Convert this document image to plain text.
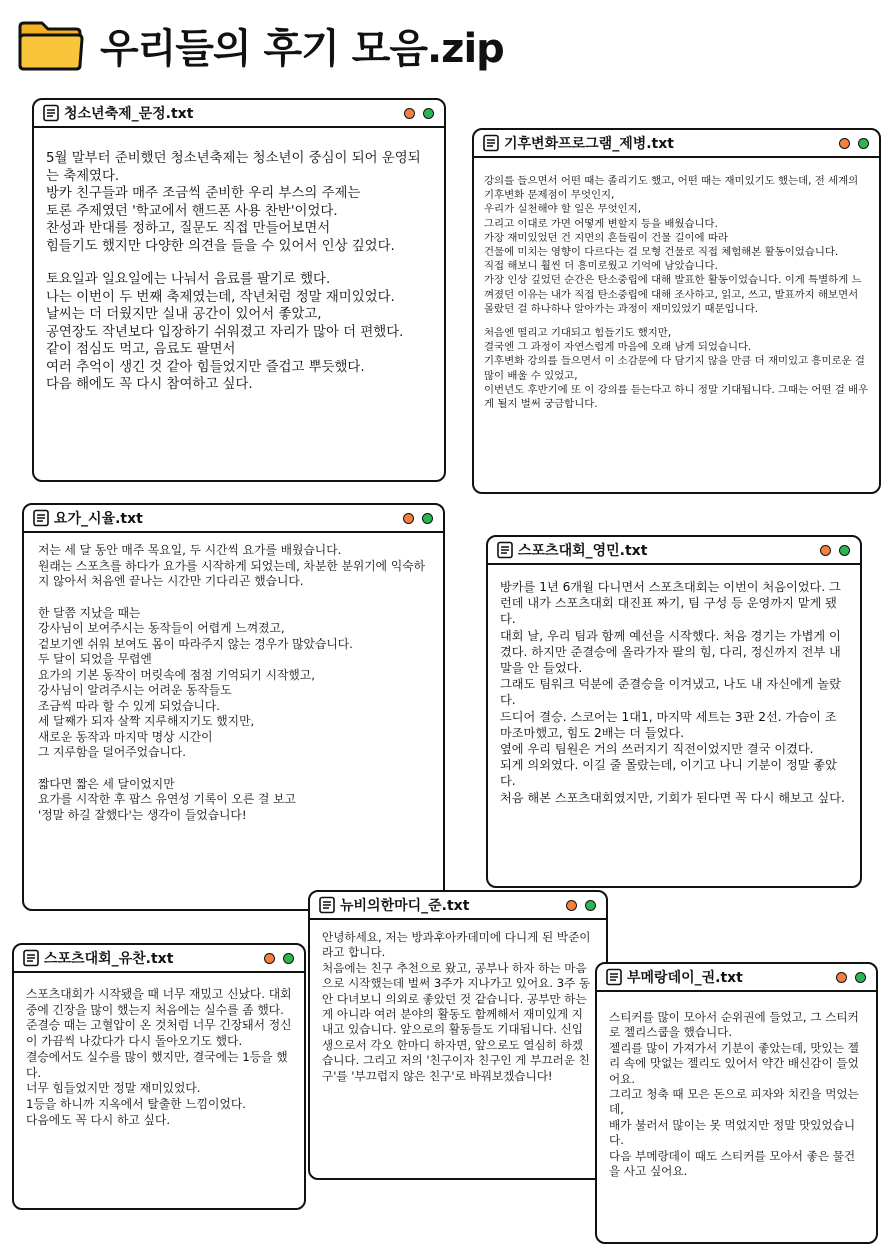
우리들의 후기 모음.zip
청소년축제_문정.txt

5월 말부터 준비했던 청소년축제는 청소년이 중심이 되어 운영되는 축제였다.
방카 친구들과 매주 조금씩 준비한 우리 부스의 주제는
토론 주제였던 '학교에서 핸드폰 사용 찬반'이었다.
찬성과 반대를 정하고, 질문도 직접 만들어보면서
힘들기도 했지만 다양한 의견을 들을 수 있어서 인상 깊었다.

토요일과 일요일에는 나눠서 음료를 팔기로 했다.
나는 이번이 두 번째 축제였는데, 작년처럼 정말 재미있었다.
날씨는 더 더웠지만 실내 공간이 있어서 좋았고,
공연장도 작년보다 입장하기 쉬워졌고 자리가 많아 더 편했다.
같이 점심도 먹고, 음료도 팔면서
여러 추억이 생긴 것 같아 힘들었지만 즐겁고 뿌듯했다.
다음 해에도 꼭 다시 참여하고 싶다.

기후변화프로그램_제병.txt

강의를 들으면서 어떤 때는 졸리기도 했고, 어떤 때는 재미있기도 했는데, 전 세계의 기후변화 문제점이 무엇인지,
우리가 실천해야 할 일은 무엇인지,
그리고 이대로 가면 어떻게 변할지 등을 배웠습니다.
가장 재미있었던 건 지면의 흔들림이 건물 길이에 따라
건물에 미치는 영향이 다르다는 걸 모형 건물로 직접 체험해본 활동이었습니다.
직접 해보니 훨씬 더 흥미로웠고 기억에 남았습니다.
가장 인상 깊었던 순간은 탄소중립에 대해 발표한 활동이었습니다. 이게 특별하게 느껴졌던 이유는 내가 직접 탄소중립에 대해 조사하고, 읽고, 쓰고, 발표까지 해보면서
몰랐던 걸 하나하나 알아가는 과정이 재미있었기 때문입니다.

처음엔 떨리고 기대되고 힘들기도 했지만,
결국엔 그 과정이 자연스럽게 마음에 오래 남게 되었습니다.
기후변화 강의를 들으면서 이 소감문에 다 담기지 않을 만큼 더 재미있고 흥미로운 걸 많이 배울 수 있었고,
이번년도 후반기에 또 이 강의를 듣는다고 하니 정말 기대됩니다. 그때는 어떤 걸 배우게 될지 벌써 궁금합니다.

요가_시율.txt

저는 세 달 동안 매주 목요일, 두 시간씩 요가를 배웠습니다.
원래는 스포츠를 하다가 요가를 시작하게 되었는데, 차분한 분위기에 익숙하지 않아서 처음엔 끝나는 시간만 기다리곤 했습니다.

한 달쯤 지났을 때는
강사님이 보여주시는 동작들이 어렵게 느껴졌고,
겉보기엔 쉬워 보여도 몸이 따라주지 않는 경우가 많았습니다.
두 달이 되었을 무렵엔
요가의 기본 동작이 머릿속에 점점 기억되기 시작했고,
강사님이 알려주시는 어려운 동작들도
조금씩 따라 할 수 있게 되었습니다.
세 달째가 되자 살짝 지루해지기도 했지만,
새로운 동작과 마지막 명상 시간이
그 지루함을 덜어주었습니다.

짧다면 짧은 세 달이었지만
요가를 시작한 후 팝스 유연성 기록이 오른 걸 보고
'정말 하길 잘했다'는 생각이 들었습니다!

스포츠대회_영민.txt

방카를 1년 6개월 다니면서 스포츠대회는 이번이 처음이었다. 그런데 내가 스포츠대회 대진표 짜기, 팀 구성 등 운영까지 맡게 됐다.
대회 날, 우리 팀과 함께 예선을 시작했다. 처음 경기는 가볍게 이겼다. 하지만 준결승에 올라가자 팔의 힘, 다리, 정신까지 전부 내 말을 안 들었다.
그래도 팀워크 덕분에 준결승을 이겨냈고, 나도 내 자신에게 놀랐다.
드디어 결승. 스코어는 1대1, 마지막 세트는 3판 2선. 가슴이 조마조마했고, 힘도 2배는 더 들었다.
옆에 우리 팀원은 거의 쓰러지기 직전이었지만 결국 이겼다.
되게 의외였다. 이길 줄 몰랐는데, 이기고 나니 기분이 정말 좋았다.
처음 해본 스포츠대회였지만, 기회가 된다면 꼭 다시 해보고 싶다.

뉴비의한마디_준.txt

안녕하세요, 저는 방과후아카데미에 다니게 된 박준이라고 합니다.
처음에는 친구 추천으로 왔고, 공부나 하자 하는 마음으로 시작했는데 벌써 3주가 지나가고 있어요. 3주 동안 다녀보니 의외로 좋았던 것 같습니다. 공부만 하는 게 아니라 여러 분야의 활동도 함께해서 재미있게 지내고 있습니다. 앞으로의 활동들도 기대됩니다. 신입생으로서 각오 한마디 하자면, 앞으로도 열심히 하겠습니다. 그리고 저의 '친구이자 친구인 게 부끄러운 친구'를 '부끄럽지 않은 친구'로 바꿔보겠습니다!

스포츠대회_유찬.txt

스포츠대회가 시작됐을 때 너무 재밌고 신났다. 대회 중에 긴장을 많이 했는지 처음에는 실수를 좀 했다.
준결승 때는 고혈압이 온 것처럼 너무 긴장돼서 정신이 가끔씩 나갔다가 다시 돌아오기도 했다.
결승에서도 실수를 많이 했지만, 결국에는 1등을 했다.
너무 힘들었지만 정말 재미있었다.
1등을 하니까 지옥에서 탈출한 느낌이었다.
다음에도 꼭 다시 하고 싶다.

부메랑데이_권.txt

스티커를 많이 모아서 순위권에 들었고, 그 스티커로 젤리스쿱을 했습니다.
젤리를 많이 가져가서 기분이 좋았는데, 맛있는 젤리 속에 맛없는 젤리도 있어서 약간 배신감이 들었어요.
그리고 청축 때 모은 돈으로 피자와 치킨을 먹었는데,
배가 불러서 많이는 못 먹었지만 정말 맛있었습니다.
다음 부메랑데이 때도 스티커를 모아서 좋은 물건을 사고 싶어요.
